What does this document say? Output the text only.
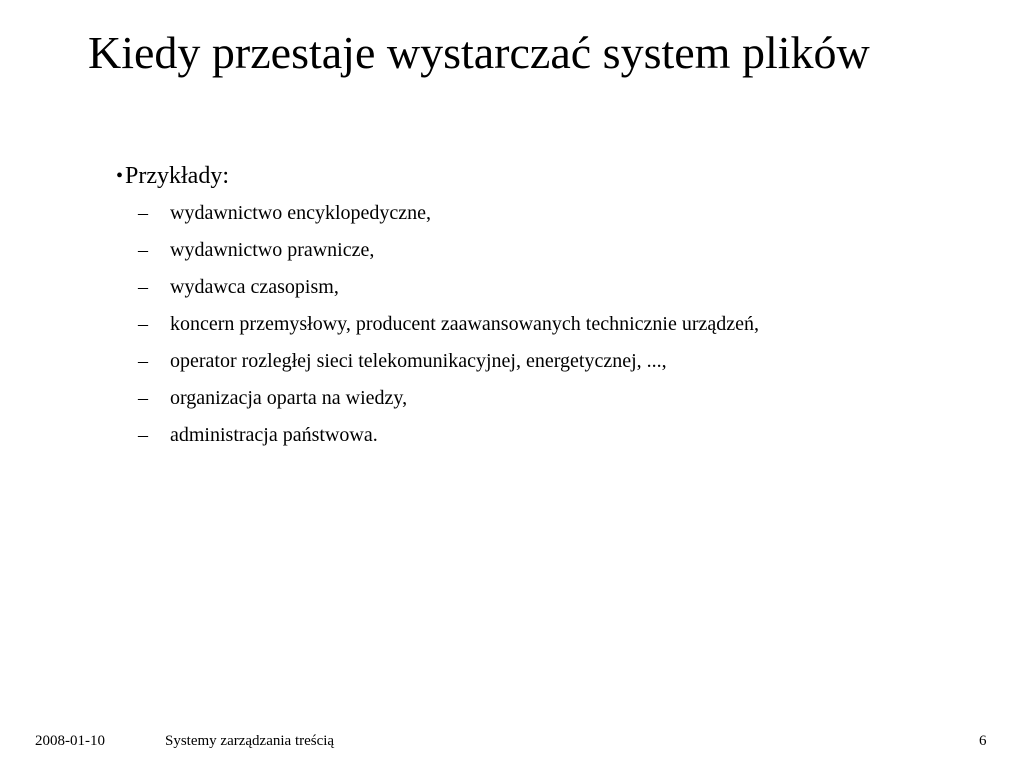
Kiedy przestaje wystarczać system plików
• Przykłady:
– wydawnictwo encyklopedyczne,
– wydawnictwo prawnicze,
– wydawca czasopism,
– koncern przemysłowy, producent zaawansowanych technicznie urządzeń,
– operator rozległej sieci telekomunikacyjnej, energetycznej, ...,
– organizacja oparta na wiedzy,
– administracja państwowa.
2008-01-10	Systemy zarządzania treścią	6
